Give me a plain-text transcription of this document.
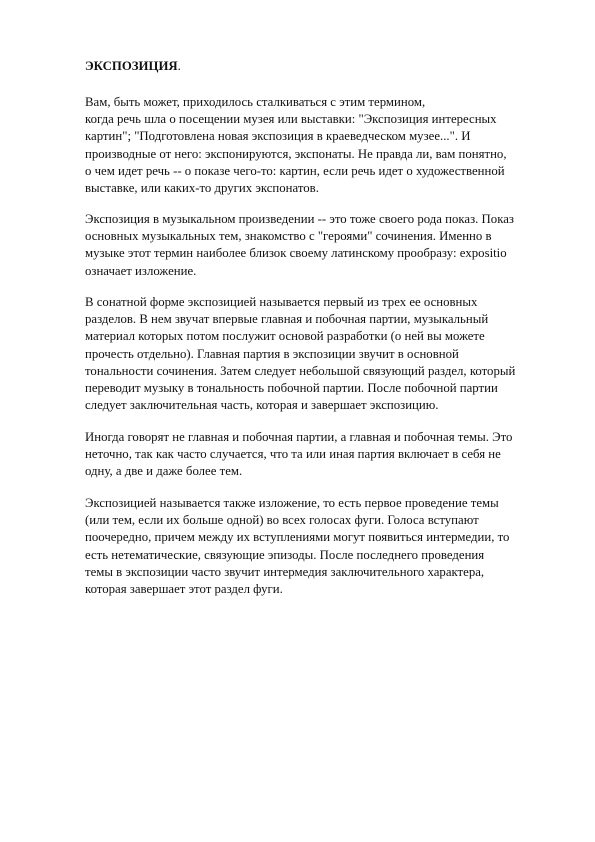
ЭКСПОЗИЦИЯ.
Вам, быть может, приходилось сталкиваться с этим термином,
когда речь шла о посещении музея или выставки: "Экспозиция интересных
картин"; "Подготовлена новая экспозиция в краеведческом музее...". И
производные от него: экспонируются, экспонаты. Не правда ли, вам понятно,
о чем идет речь -- о показе чего-то: картин, если речь идет о художественной
выставке, или каких-то других экспонатов.
Экспозиция в музыкальном произведении -- это тоже своего рода показ. Показ
основных музыкальных тем, знакомство с "героями" сочинения. Именно в
музыке этот термин наиболее близок своему латинскому прообразу: expositio
означает изложение.
В сонатной форме экспозицией называется первый из трех ее основных
разделов. В нем звучат впервые главная и побочная партии, музыкальный
материал которых потом послужит основой разработки (о ней вы можете
прочесть отдельно). Главная партия в экспозиции звучит в основной
тональности сочинения. Затем следует небольшой связующий раздел, который
переводит музыку в тональность побочной партии. После побочной партии
следует заключительная часть, которая и завершает экспозицию.
Иногда говорят не главная и побочная партии, а главная и побочная темы. Это
неточно, так как часто случается, что та или иная партия включает в себя не
одну, а две и даже более тем.
Экспозицией называется также изложение, то есть первое проведение темы
(или тем, если их больше одной) во всех голосах фуги. Голоса вступают
поочередно, причем между их вступлениями могут появиться интермедии, то
есть нетематические, связующие эпизоды. После последнего проведения
темы в экспозиции часто звучит интермедия заключительного характера,
которая завершает этот раздел фуги.
